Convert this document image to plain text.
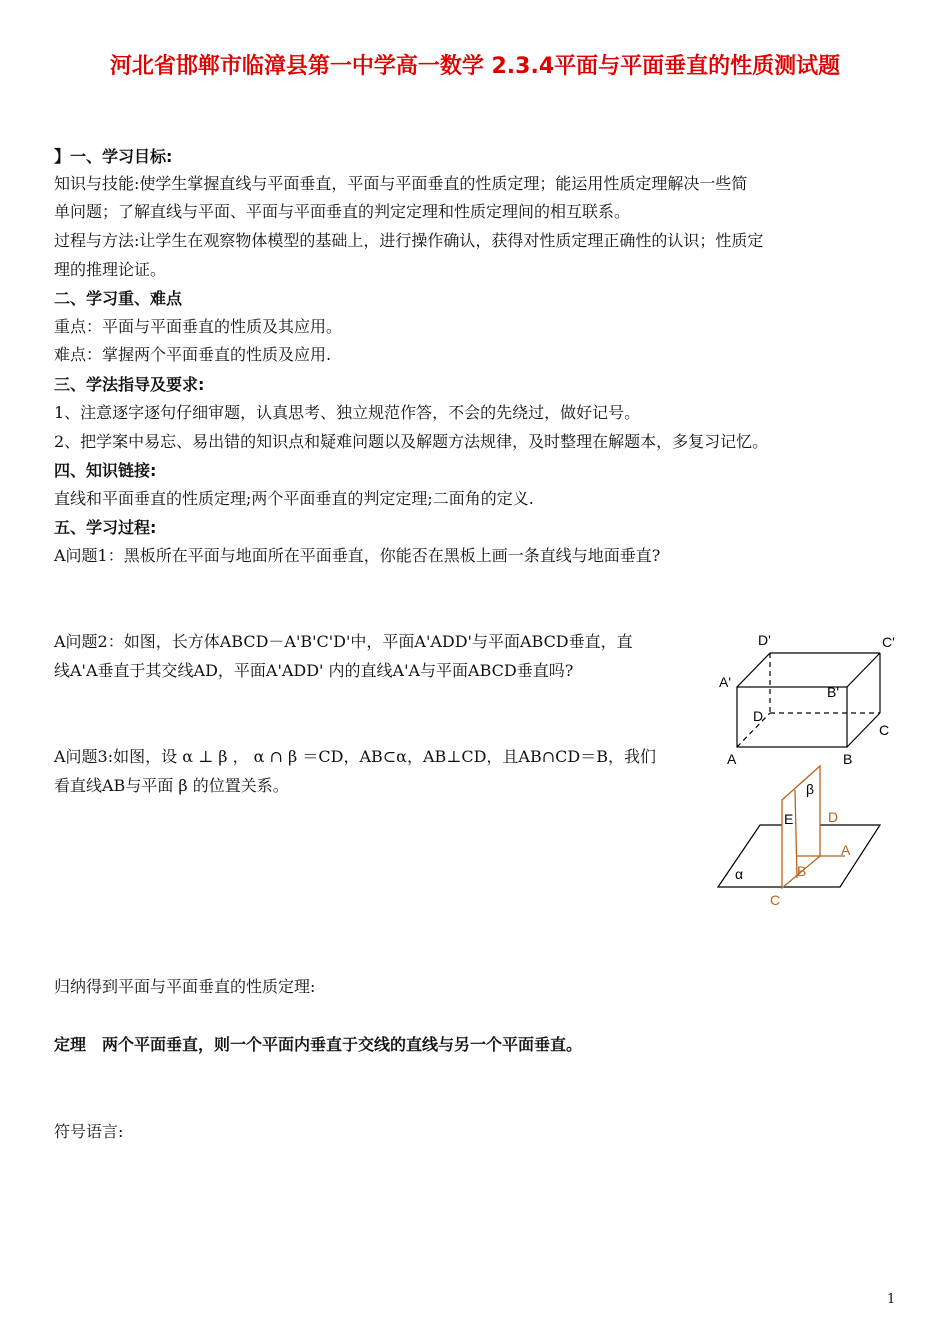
河北省邯郸市临漳县第一中学高一数学 2.3.4平面与平面垂直的性质测试题
】一、学习目标:
知识与技能:使学生掌握直线与平面垂直，平面与平面垂直的性质定理；能运用性质定理解决一些简
单问题；了解直线与平面、平面与平面垂直的判定定理和性质定理间的相互联系。
过程与方法:让学生在观察物体模型的基础上，进行操作确认，获得对性质定理正确性的认识；性质定
理的推理论证。
二、学习重、难点
重点：平面与平面垂直的性质及其应用。
难点：掌握两个平面垂直的性质及应用.
三、学法指导及要求:
1、注意逐字逐句仔细审题，认真思考、独立规范作答，不会的先绕过，做好记号。
2、把学案中易忘、易出错的知识点和疑难问题以及解题方法规律，及时整理在解题本，多复习记忆。
四、知识链接:
直线和平面垂直的性质定理;两个平面垂直的判定定理;二面角的定义.
五、学习过程:
A问题1：黑板所在平面与地面所在平面垂直，你能否在黑板上画一条直线与地面垂直?
A问题2：如图，长方体ABCD－A'B'C'D'中，平面A'ADD'与平面ABCD垂直，直
线A'A垂直于其交线AD，平面A'ADD' 内的直线A'A与平面ABCD垂直吗?
A问题3:如图，设 α ⊥ β ， α ∩ β ＝CD，AB⊂α，AB⊥CD，且AB∩CD＝B，我们
看直线AB与平面 β 的位置关系。
归纳得到平面与平面垂直的性质定理:
定理　两个平面垂直，则一个平面内垂直于交线的直线与另一个平面垂直。
符号语言:
D'	C'
A'
B'
D
C
A	B
β
E D
A
B
C
α
1
